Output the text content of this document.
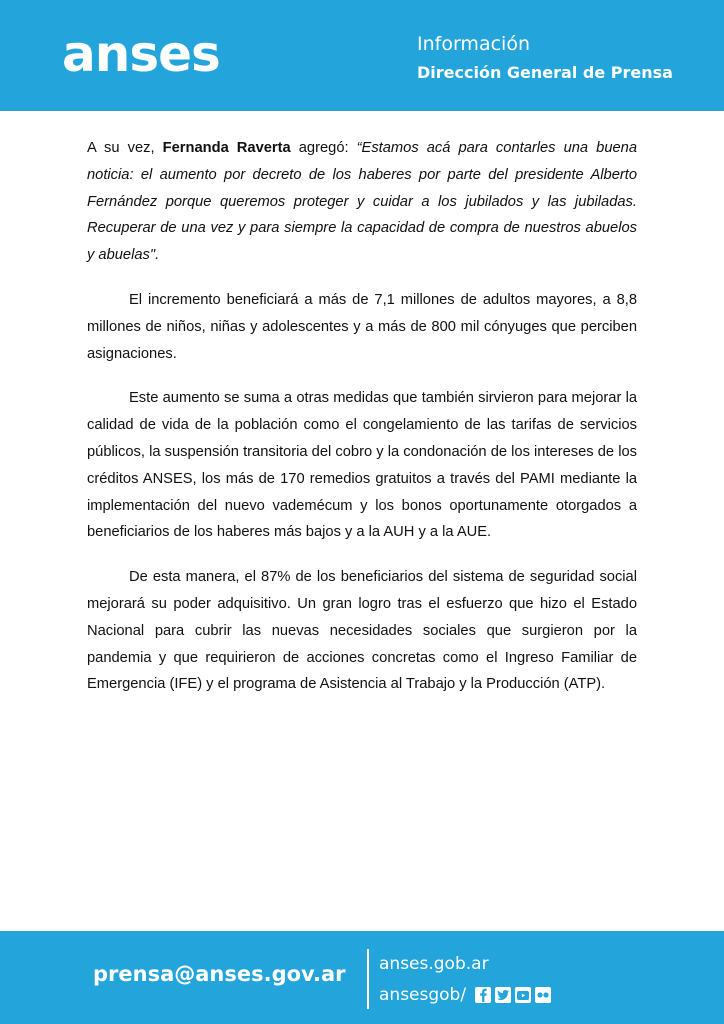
anses	Información
Dirección General de Prensa

A su vez, Fernanda Raverta agregó: “Estamos acá para contarles una buena noticia: el aumento por decreto de los haberes por parte del presidente Alberto Fernández porque queremos proteger y cuidar a los jubilados y las jubiladas. Recuperar de una vez y para siempre la capacidad de compra de nuestros abuelos y abuelas".

El incremento beneficiará a más de 7,1 millones de adultos mayores, a 8,8 millones de niños, niñas y adolescentes y a más de 800 mil cónyuges que perciben asignaciones.

Este aumento se suma a otras medidas que también sirvieron para mejorar la calidad de vida de la población como el congelamiento de las tarifas de servicios públicos, la suspensión transitoria del cobro y la condonación de los intereses de los créditos ANSES, los más de 170 remedios gratuitos a través del PAMI mediante la implementación del nuevo vademécum y los bonos oportunamente otorgados a beneficiarios de los haberes más bajos y a la AUH y a la AUE.

De esta manera, el 87% de los beneficiarios del sistema de seguridad social mejorará su poder adquisitivo. Un gran logro tras el esfuerzo que hizo el Estado Nacional para cubrir las nuevas necesidades sociales que surgieron por la pandemia y que requirieron de acciones concretas como el Ingreso Familiar de Emergencia (IFE) y el programa de Asistencia al Trabajo y la Producción (ATP).

prensa@anses.gov.ar anses.gob.ar
ansesgob/
